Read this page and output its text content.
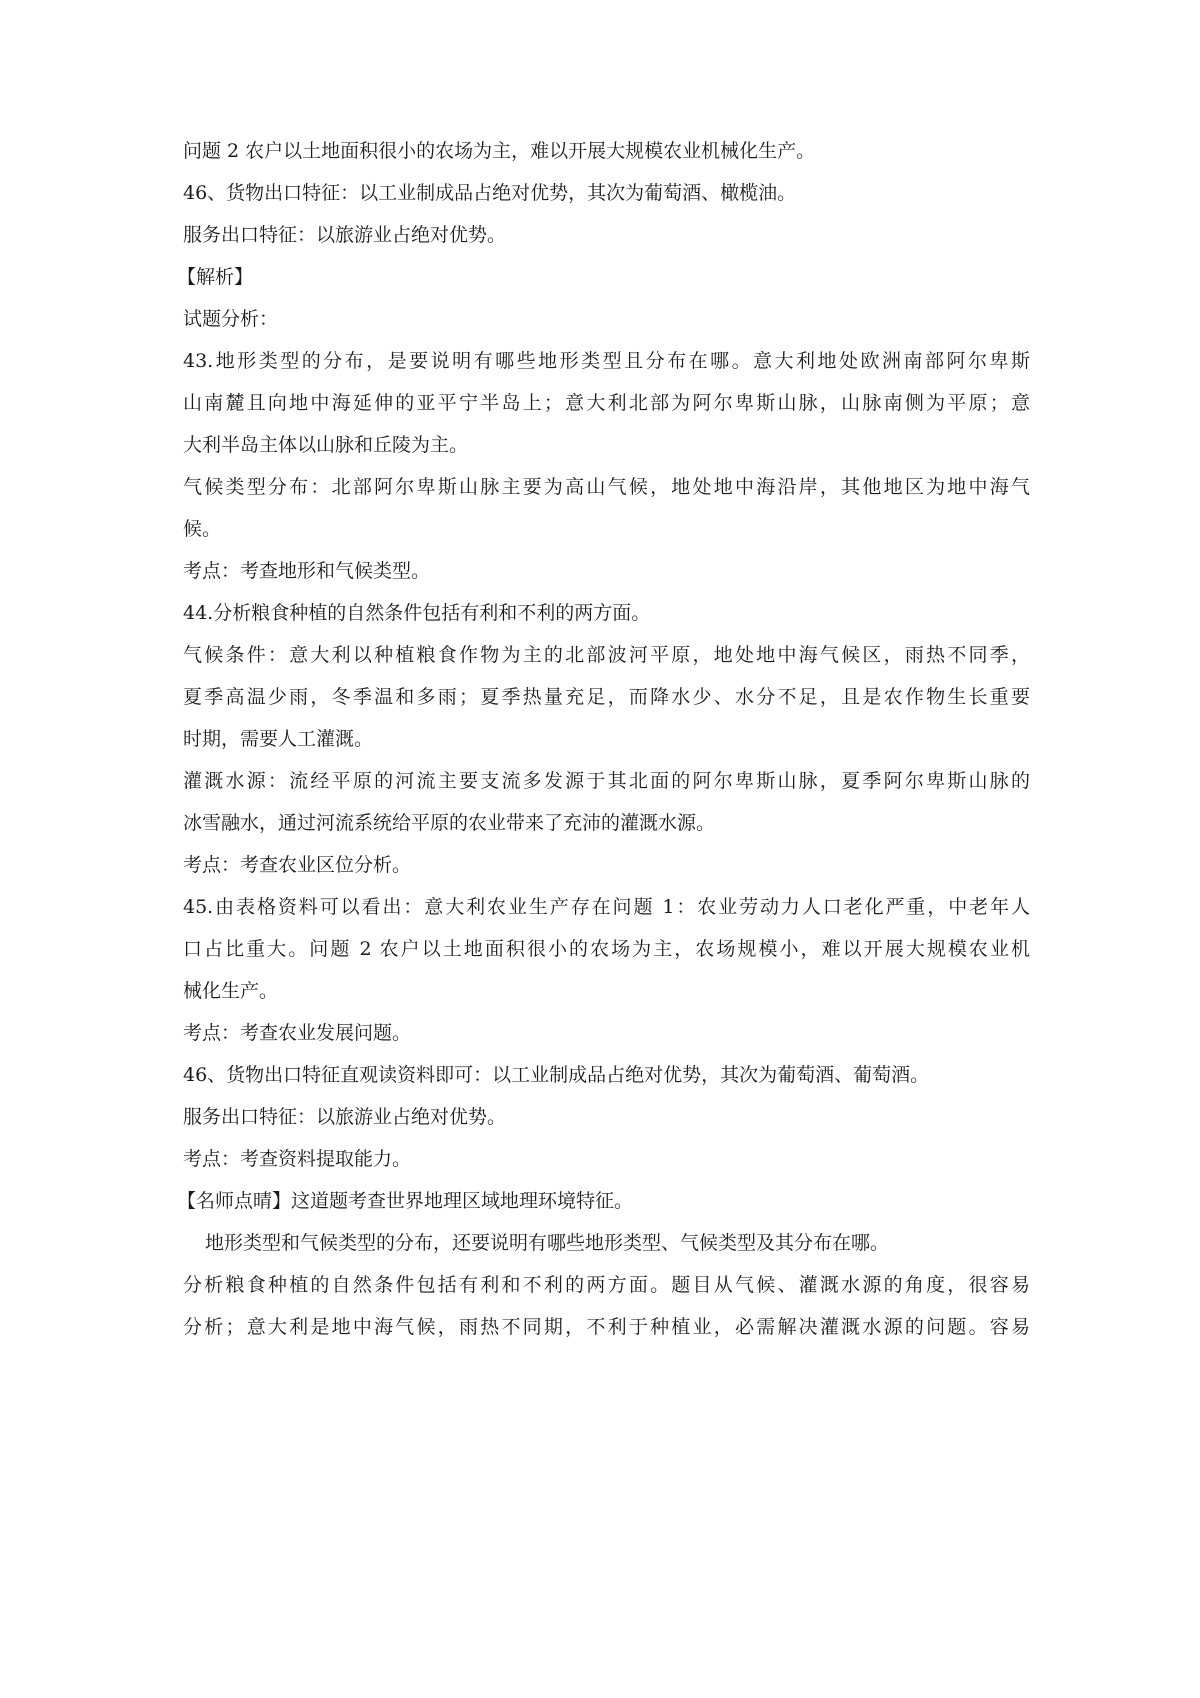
问题 2 农户以土地面积很小的农场为主，难以开展大规模农业机械化生产。

46、货物出口特征：以工业制成品占绝对优势，其次为葡萄酒、橄榄油。

服务出口特征：以旅游业占绝对优势。

【解析】

试题分析：

43.地形类型的分布，是要说明有哪些地形类型且分布在哪。意大利地处欧洲南部阿尔卑斯

山南麓且向地中海延伸的亚平宁半岛上；意大利北部为阿尔卑斯山脉，山脉南侧为平原；意

大利半岛主体以山脉和丘陵为主。

气候类型分布：北部阿尔卑斯山脉主要为高山气候，地处地中海沿岸，其他地区为地中海气

候。

考点：考查地形和气候类型。

44.分析粮食种植的自然条件包括有利和不利的两方面。

气候条件：意大利以种植粮食作物为主的北部波河平原，地处地中海气候区，雨热不同季，

夏季高温少雨，冬季温和多雨；夏季热量充足，而降水少、水分不足，且是农作物生长重要

时期，需要人工灌溉。

灌溉水源：流经平原的河流主要支流多发源于其北面的阿尔卑斯山脉，夏季阿尔卑斯山脉的

冰雪融水，通过河流系统给平原的农业带来了充沛的灌溉水源。

考点：考查农业区位分析。

45.由表格资料可以看出：意大利农业生产存在问题 1：农业劳动力人口老化严重，中老年人

口占比重大。问题 2 农户以土地面积很小的农场为主，农场规模小，难以开展大规模农业机

械化生产。

考点：考查农业发展问题。

46、货物出口特征直观读资料即可：以工业制成品占绝对优势，其次为葡萄酒、葡萄酒。

服务出口特征：以旅游业占绝对优势。

考点：考查资料提取能力。

【名师点晴】这道题考查世界地理区域地理环境特征。

地形类型和气候类型的分布，还要说明有哪些地形类型、气候类型及其分布在哪。

分析粮食种植的自然条件包括有利和不利的两方面。题目从气候、灌溉水源的角度，很容易

分析；意大利是地中海气候，雨热不同期，不利于种植业，必需解决灌溉水源的问题。容易
